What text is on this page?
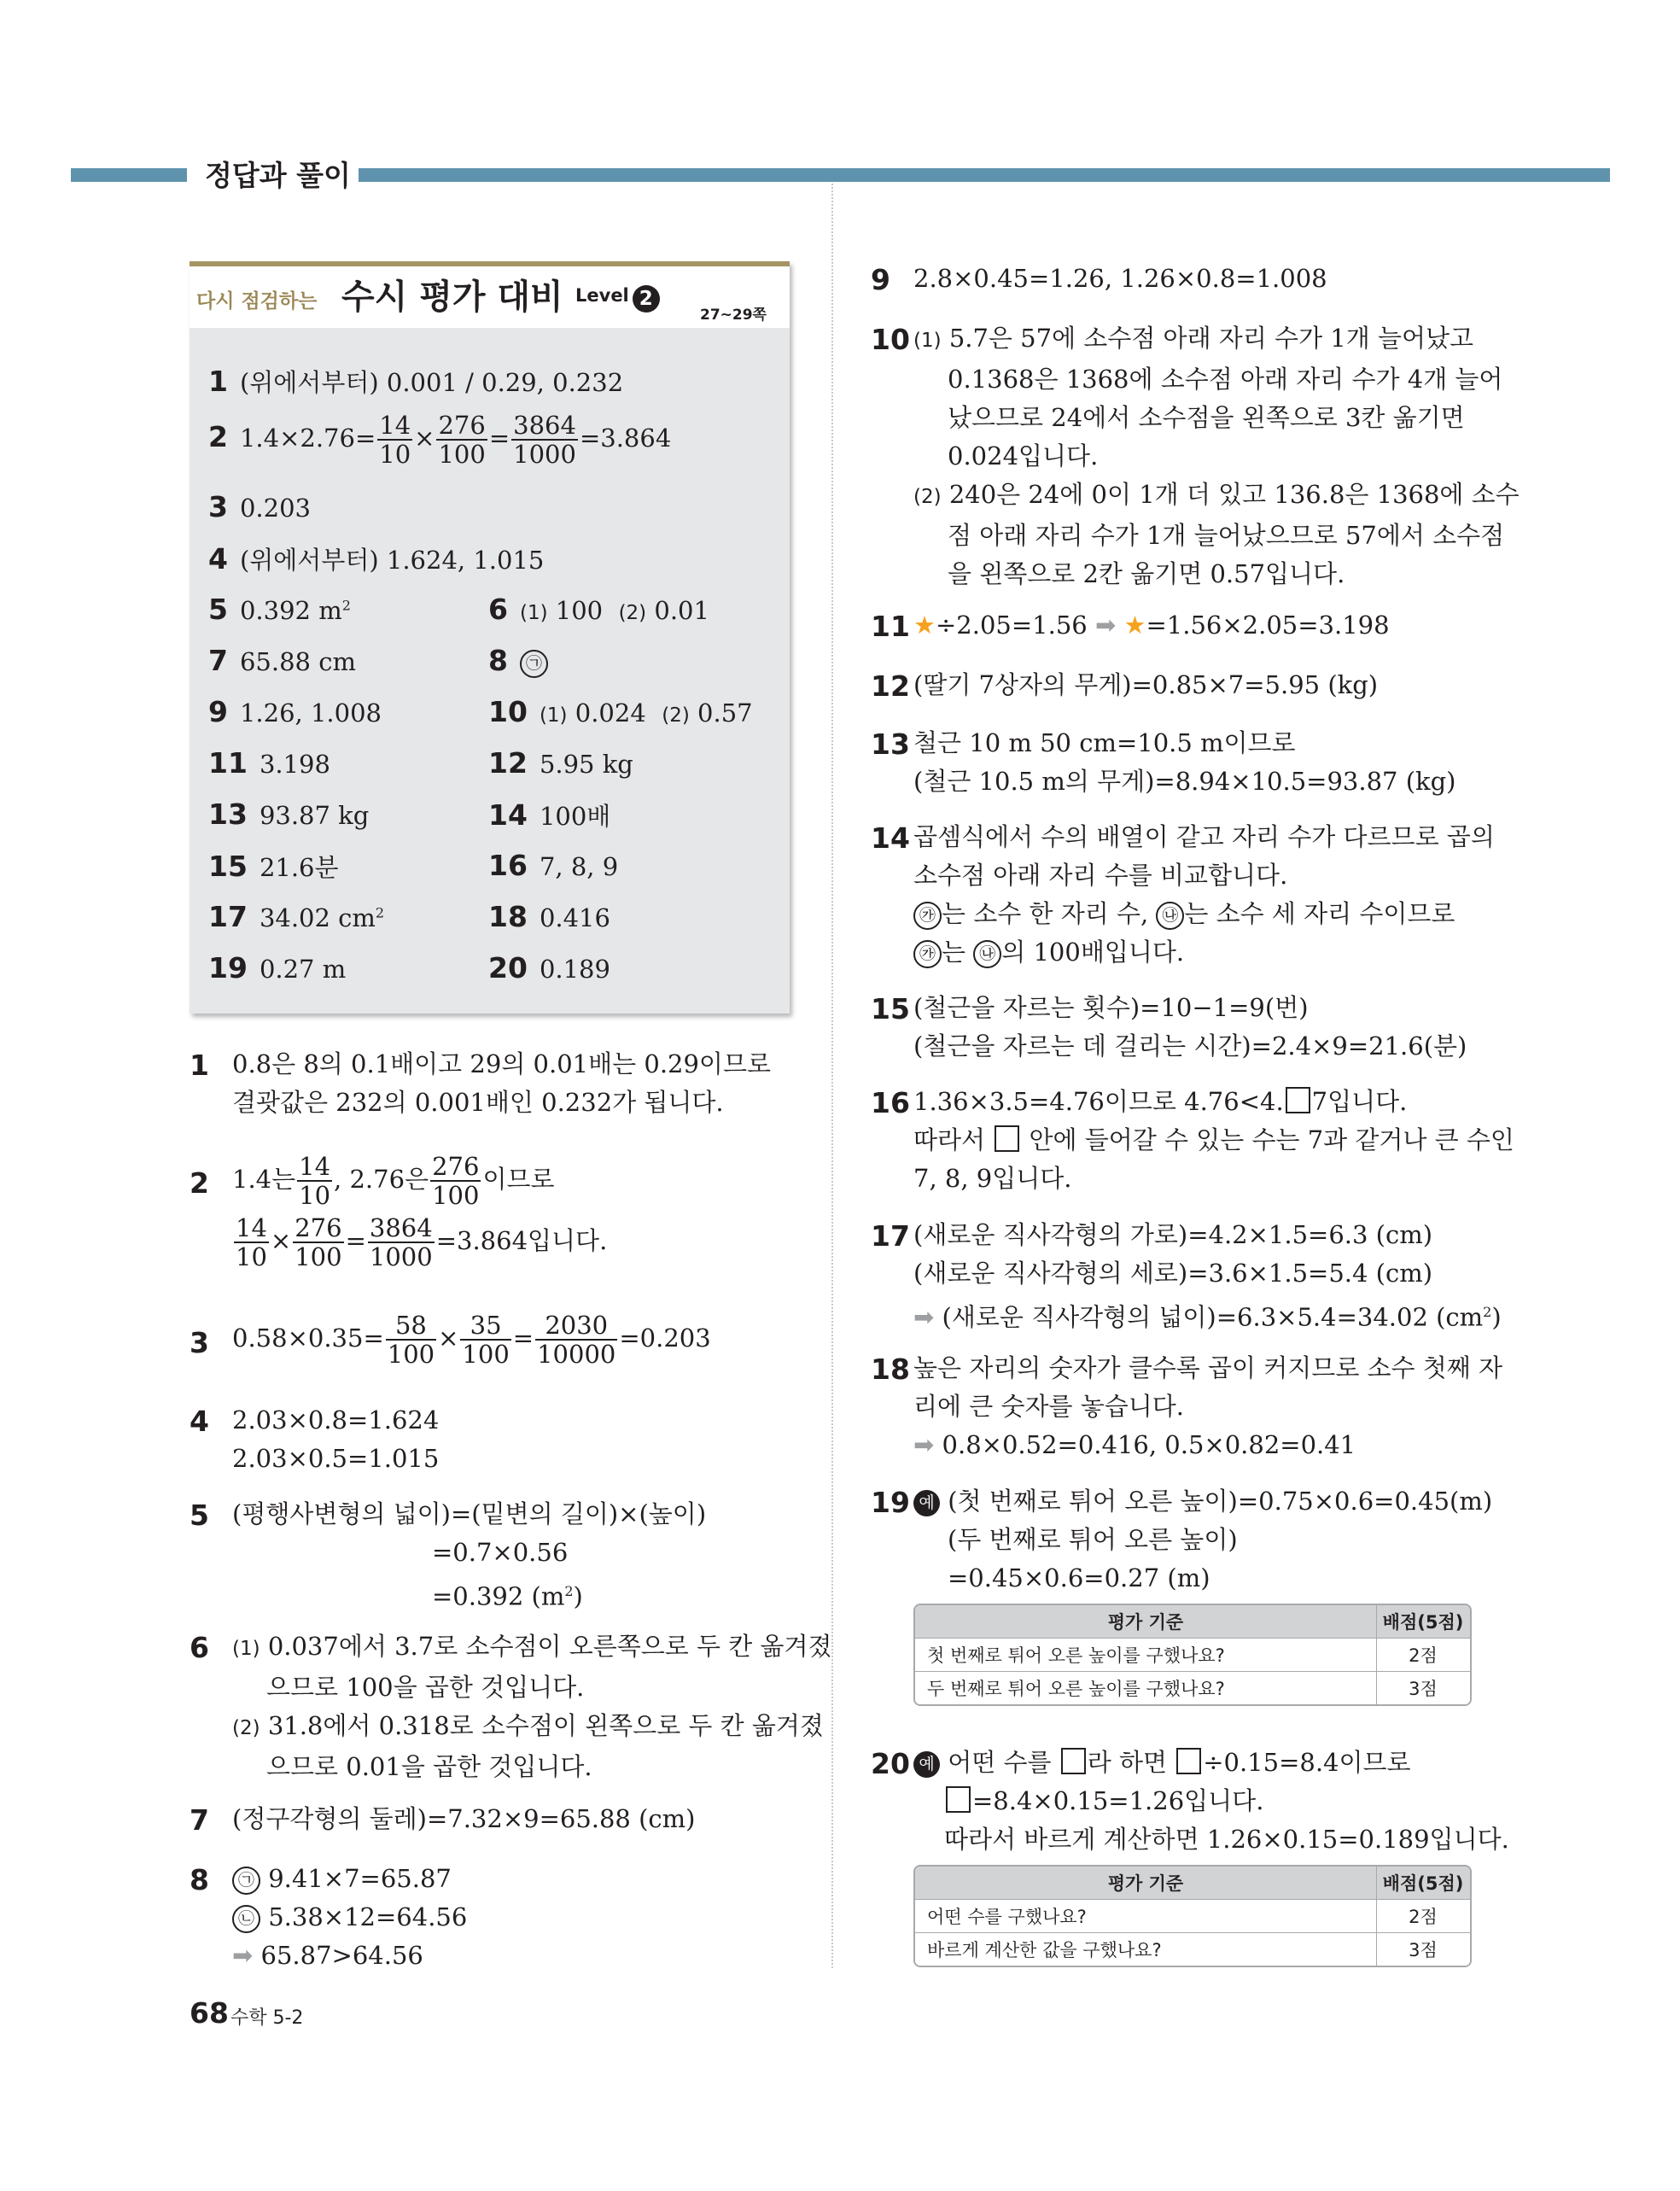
정답과 풀이
다시 점검하는 수시 평가 대비 Level 2
27~29쪽
1 (위에서부터) 0.001 / 0.29, 0.232
2 $1.4\times 2.76= \frac{14}{10} \times \frac{276}{100} = \frac{3864}{1000} =3.864$
3 0.203
4 (위에서부터) 1.624, 1.015
5 0.392 $m^2$	6 (1) 100 (2) 0.01
7 65.88 cm	8 ㉠
9 1.26, 1.008	10 (1) 0.024 (2) 0.57
11 3.198	12 5.95 kg
13 93.87 kg	14 100배
15 21.6분	16 7, 8, 9
17 34.02 $cm^2$	18 0.416
19 0.27 m	20 0.189
1 0.8은 8의 0.1배이고 29의 0.01배는 0.29이므로
결괏값은 232의 0.001배인 0.232가 됩니다.
2 1.4는 $\frac{14}{10}$ , 2.76은 $\frac{276}{100}$ 이므로
$\frac{14}{10} \times \frac{276}{100} = \frac{3864}{1000} =3.864$입니다.
3 $0.58\times 0.35= \frac{58}{100} \times \frac{35}{100} = \frac{2030}{10000} =0.203$
4 2.03×0.8=1.624
2.03×0.5=1.015
5 (평행사변형의 넓이)=(밑변의 길이)×(높이)
=0.7×0.56
=0.392 $(m^2)$
6 (1) 0.037에서 3.7로 소수점이 오른쪽으로 두 칸 옮겨졌
으므로 100을 곱한 것입니다.
(2) 31.8에서 0.318로 소수점이 왼쪽으로 두 칸 옮겨졌
으므로 0.01을 곱한 것입니다.
7 (정구각형의 둘레)=7.32×9=65.88 (cm)
8	㉠ 9.41×7=65.87
㉡ 5.38×12=64.56
➡ 65.87>64.56
9 2.8×0.45=1.26, 1.26×0.8=1.008
10 (1) 5.7은 57에 소수점 아래 자리 수가 1개 늘어났고
0.1368은 1368에 소수점 아래 자리 수가 4개 늘어
났으므로 24에서 소수점을 왼쪽으로 3칸 옮기면
0.024입니다.
(2) 240은 24에 0이 1개 더 있고 136.8은 1368에 소수
점 아래 자리 수가 1개 늘어났으므로 57에서 소수점
을 왼쪽으로 2칸 옮기면 0.57입니다.
11 ★÷2.05=1.56 ➡ ★=1.56×2.05=3.198
12 (딸기 7상자의 무게)=0.85×7=5.95 (kg)
13 철근 10 m 50 cm=10.5 m이므로
(철근 10.5 m의 무게)=8.94×10.5=93.87 (kg)
14 곱셈식에서 수의 배열이 같고 자리 수가 다르므로 곱의
소수점 아래 자리 수를 비교합니다.
㉮ 는 소수 한 자리 수, ㉯ 는 소수 세 자리 수이므로
㉮ 는 ㉯ 의 100배입니다.
15 (철근을 자르는 횟수)=10−1=9(번)
(철근을 자르는 데 걸리는 시간)=2.4×9=21.6(분)
16 1.36×3.5=4.76이므로 4.76<4. 7입니다.
따라서 안에 들어갈 수 있는 수는 7과 같거나 큰 수인
7, 8, 9입니다.
17 (새로운 직사각형의 가로)=4.2×1.5=6.3 (cm)
(새로운 직사각형의 세로)=3.6×1.5=5.4 (cm)
➡ (새로운 직사각형의 넓이)=6.3×5.4=34.02 $(cm^2)$
18 높은 자리의 숫자가 클수록 곱이 커지므로 소수 첫째 자
리에 큰 숫자를 놓습니다.
➡ 0.8×0.52=0.416, 0.5×0.82=0.41
19 예 (첫 번째로 튀어 오른 높이)=0.75×0.6=0.45(m)
(두 번째로 튀어 오른 높이)
=0.45×0.6=0.27 (m)
평가 기준	배점(5점)
첫 번째로 튀어 오른 높이를 구했나요?	2점
두 번째로 튀어 오른 높이를 구했나요?	3점
20 예 어떤 수를 라 하면 ÷0.15=8.4이므로
=8.4×0.15=1.26입니다.
따라서 바르게 계산하면 1.26×0.15=0.189입니다.
평가 기준	배점(5점)
어떤 수를 구했나요?	2점
바르게 계산한 값을 구했나요?	3점
68 수학 5-2
